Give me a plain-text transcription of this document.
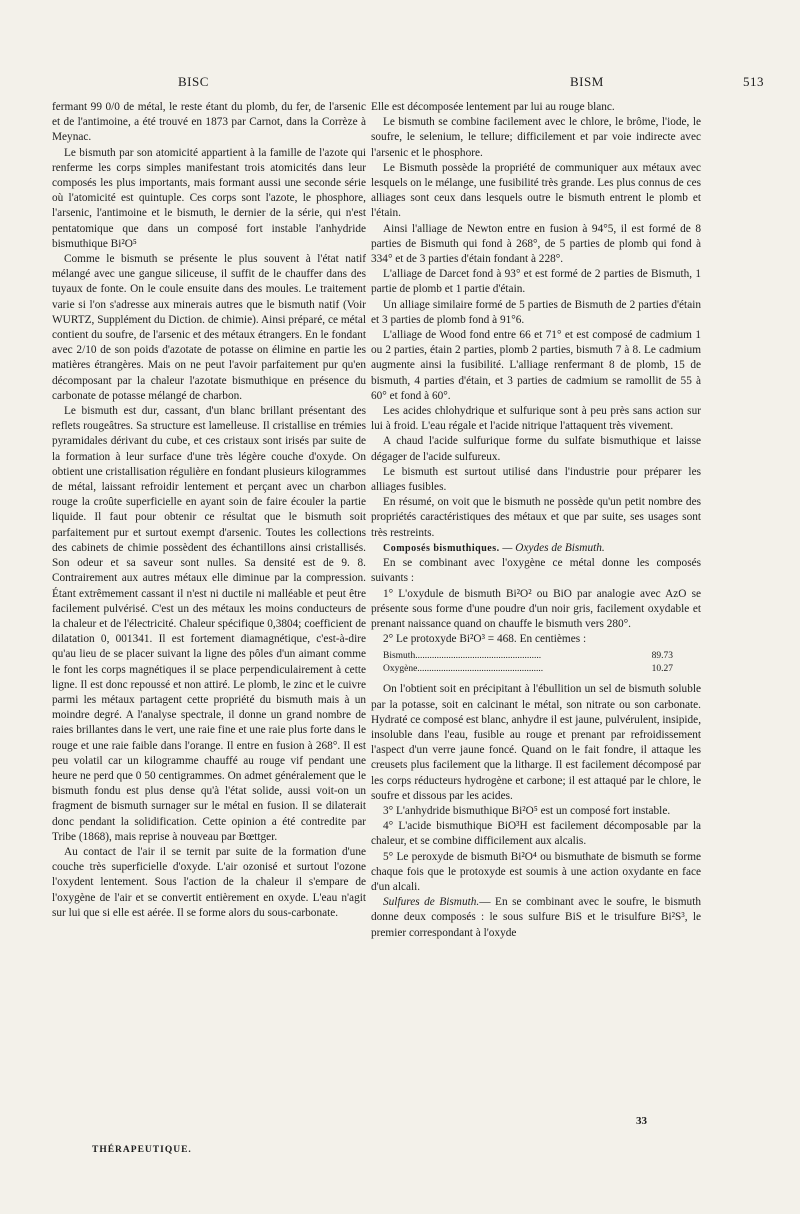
BISC	BISM	513

fermant 99 0/0 de métal, le reste étant du plomb, du fer, de l'arsenic et de l'antimoine, a été trouvé en 1873 par Carnot, dans la Corrèze à Meynac.

Le bismuth par son atomicité appartient à la famille de l'azote qui renferme les corps simples manifestant trois atomicités dans leur composés les plus importants, mais formant aussi une seconde série où l'atomicité est quintuple. Ces corps sont l'azote, le phosphore, l'arsenic, l'antimoine et le bismuth, le dernier de la série, qui n'est pentatomique que dans un composé fort instable l'anhydride bismuthique Bi²O⁵

Comme le bismuth se présente le plus souvent à l'état natif mélangé avec une gangue siliceuse, il suffit de le chauffer dans des tuyaux de fonte. On le coule ensuite dans des moules. Le traitement varie si l'on s'adresse aux minerais autres que le bismuth natif (Voir WURTZ, Supplément du Diction. de chimie). Ainsi préparé, ce métal contient du soufre, de l'arsenic et des métaux étrangers. En le fondant avec 2/10 de son poids d'azotate de potasse on élimine en partie les matières étrangères. Mais on ne peut l'avoir parfaitement pur qu'en décomposant par la chaleur l'azotate bismuthique en présence du carbonate de potasse mélangé de charbon.

Le bismuth est dur, cassant, d'un blanc brillant présentant des reflets rougeâtres. Sa structure est lamelleuse. Il cristallise en trémies pyramidales dérivant du cube, et ces cristaux sont irisés par suite de la formation à leur surface d'une très légère couche d'oxyde. On obtient une cristallisation régulière en fondant plusieurs kilogrammes de métal, laissant refroidir lentement et perçant avec un charbon rouge la croûte superficielle en ayant soin de faire écouler la partie liquide. Il faut pour obtenir ce résultat que le bismuth soit parfaitement pur et surtout exempt d'arsenic. Toutes les collections des cabinets de chimie possèdent des échantillons ainsi cristallisés. Son odeur et sa saveur sont nulles. Sa densité est de 9. 8. Contrairement aux autres métaux elle diminue par la compression. Étant extrêmement cassant il n'est ni ductile ni malléable et peut être facilement pulvérisé. C'est un des métaux les moins conducteurs de la chaleur et de l'électricité. Chaleur spécifique 0,3804; coefficient de dilatation 0, 001341. Il est fortement diamagnétique, c'est-à-dire qu'au lieu de se placer suivant la ligne des pôles d'un aimant comme le font les corps magnétiques il se place perpendiculairement à cette ligne. Il est donc repoussé et non attiré. Le plomb, le zinc et le cuivre parmi les métaux partagent cette propriété du bismuth mais à un moindre degré. A l'analyse spectrale, il donne un grand nombre de raies brillantes dans le vert, une raie fine et une raie plus forte dans le rouge et une raie faible dans l'orange. Il entre en fusion à 268°. Il est peu volatil car un kilogramme chauffé au rouge vif pendant une heure ne perd que 0 50 centigrammes. On admet généralement que le bismuth fondu est plus dense qu'à l'état solide, aussi voit-on un fragment de bismuth surnager sur le métal en fusion. Il se dilaterait donc pendant la solidification. Cette opinion a été contredite par Tribe (1868), mais reprise à nouveau par Bœttger.

Au contact de l'air il se ternit par suite de la formation d'une couche très superficielle d'oxyde. L'air ozonisé et surtout l'ozone l'oxydent lentement. Sous l'action de la chaleur il s'empare de l'oxygène de l'air et se convertit entièrement en oxyde. L'eau n'agit sur lui que si elle est aérée. Il se forme alors du sous-carbonate.

Elle est décomposée lentement par lui au rouge blanc.

Le bismuth se combine facilement avec le chlore, le brôme, l'iode, le soufre, le selenium, le tellure; difficilement et par voie indirecte avec l'arsenic et le phosphore.

Le Bismuth possède la propriété de communiquer aux métaux avec lesquels on le mélange, une fusibilité très grande. Les plus connus de ces alliages sont ceux dans lesquels outre le bismuth entrent le plomb et l'étain.

Ainsi l'alliage de Newton entre en fusion à 94°5, il est formé de 8 parties de Bismuth qui fond à 268°, de 5 parties de plomb qui fond à 334° et de 3 parties d'étain fondant à 228°.

L'alliage de Darcet fond à 93° et est formé de 2 parties de Bismuth, 1 partie de plomb et 1 partie d'étain.

Un alliage similaire formé de 5 parties de Bismuth de 2 parties d'étain et 3 parties de plomb fond à 91°6.

L'alliage de Wood fond entre 66 et 71° et est composé de cadmium 1 ou 2 parties, étain 2 parties, plomb 2 parties, bismuth 7 à 8. Le cadmium augmente ainsi la fusibilité. L'alliage renfermant 8 de plomb, 15 de bismuth, 4 parties d'étain, et 3 parties de cadmium se ramollit de 55 à 60° et fond à 60°.

Les acides chlohydrique et sulfurique sont à peu près sans action sur lui à froid. L'eau régale et l'acide nitrique l'attaquent très vivement.

A chaud l'acide sulfurique forme du sulfate bismuthique et laisse dégager de l'acide sulfureux.

Le bismuth est surtout utilisé dans l'industrie pour préparer les alliages fusibles.

En résumé, on voit que le bismuth ne possède qu'un petit nombre des propriétés caractéristiques des métaux et que par suite, ses usages sont très restreints.

Composés bismuthiques. — Oxydes de Bismuth.

En se combinant avec l'oxygène ce métal donne les composés suivants :

1° L'oxydule de bismuth Bi²O² ou BiO par analogie avec AzO se présente sous forme d'une poudre d'un noir gris, facilement oxydable et prenant naissance quand on chauffe le bismuth vers 280°.

2° Le protoxyde Bi²O³ = 468. En centièmes :

Bismuth.....................................................	89.73
Oxygène.....................................................	10.27

On l'obtient soit en précipitant à l'ébullition un sel de bismuth soluble par la potasse, soit en calcinant le métal, son nitrate ou son carbonate. Hydraté ce composé est blanc, anhydre il est jaune, pulvérulent, insipide, insoluble dans l'eau, fusible au rouge et prenant par refroidissement l'aspect d'un verre jaune foncé. Quand on le fait fondre, il attaque les creusets plus facilement que la litharge. Il est facilement décomposé par les corps réducteurs hydrogène et carbone; il est attaqué par le chlore, le soufre et dissous par les acides.

3° L'anhydride bismuthique Bi²O⁵ est un composé fort instable.

4° L'acide bismuthique BiO³H est facilement décomposable par la chaleur, et se combine difficilement aux alcalis.

5° Le peroxyde de bismuth Bi²O⁴ ou bismuthate de bismuth se forme chaque fois que le protoxyde est soumis à une action oxydante en face d'un alcali.

Sulfures de Bismuth.— En se combinant avec le soufre, le bismuth donne deux composés : le sous sulfure BiS et le trisulfure Bi²S³, le premier correspondant à l'oxyde

THÉRAPEUTIQUE.
33
